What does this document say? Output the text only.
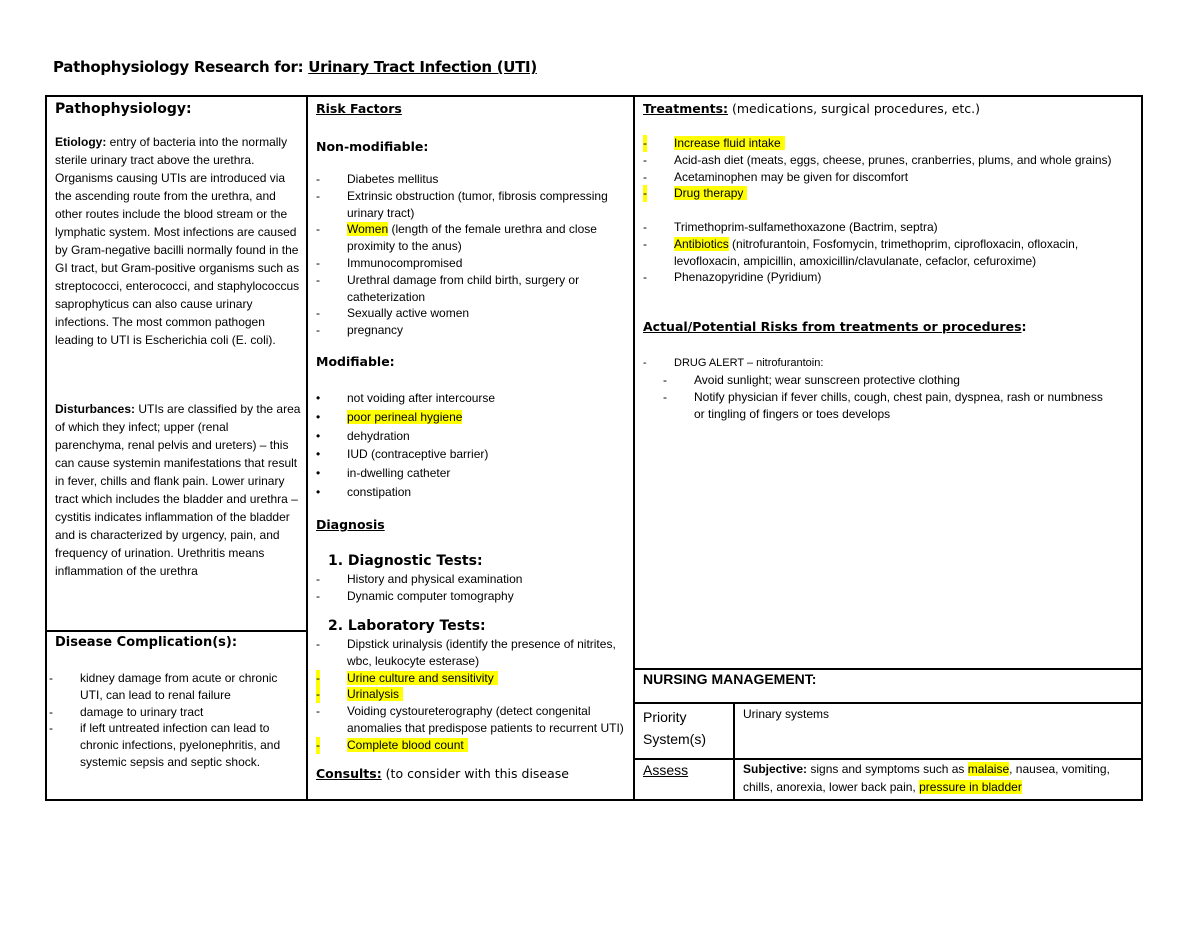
Pathophysiology Research for: Urinary Tract Infection (UTI)
Pathophysiology:
Etiology: entry of bacteria into the normally sterile urinary tract above the urethra. Organisms causing UTIs are introduced via the ascending route from the urethra, and other routes include the blood stream or the lymphatic system. Most infections are caused by Gram-negative bacilli normally found in the GI tract, but Gram-positive organisms such as streptococci, enterococci, and staphylococcus saprophyticus can also cause urinary infections. The most common pathogen leading to UTI is Escherichia coli (E. coli).
Disturbances: UTIs are classified by the area of which they infect; upper (renal parenchyma, renal pelvis and ureters) – this can cause systemin manifestations that result in fever, chills and flank pain. Lower urinary tract which includes the bladder and urethra – cystitis indicates inflammation of the bladder and is characterized by urgency, pain, and frequency of urination. Urethritis means inflammation of the urethra
Disease Complication(s):
- kidney damage from acute or chronic UTI, can lead to renal failure
- damage to urinary tract
- if left untreated infection can lead to chronic infections, pyelonephritis, and systemic sepsis and septic shock.
Risk Factors
Non-modifiable:
- Diabetes mellitus
- Extrinsic obstruction (tumor, fibrosis compressing urinary tract)
- Women (length of the female urethra and close proximity to the anus)
- Immunocompromised
- Urethral damage from child birth, surgery or catheterization
- Sexually active women
- pregnancy
Modifiable:
• not voiding after intercourse
• poor perineal hygiene
• dehydration
• IUD (contraceptive barrier)
• in-dwelling catheter
• constipation
Diagnosis
1. Diagnostic Tests:
- History and physical examination
- Dynamic computer tomography
2. Laboratory Tests:
- Dipstick urinalysis (identify the presence of nitrites, wbc, leukocyte esterase)
- Urine culture and sensitivity
- Urinalysis
- Voiding cystoureterography (detect congenital anomalies that predispose patients to recurrent UTI)
- Complete blood count
Consults: (to consider with this disease
Treatments: (medications, surgical procedures, etc.)
- Increase fluid intake
- Acid-ash diet (meats, eggs, cheese, prunes, cranberries, plums, and whole grains)
- Acetaminophen may be given for discomfort
- Drug therapy
- Trimethoprim-sulfamethoxazone (Bactrim, septra)
- Antibiotics (nitrofurantoin, Fosfomycin, trimethoprim, ciprofloxacin, ofloxacin, levofloxacin, ampicillin, amoxicillin/clavulanate, cefaclor, cefuroxime)
- Phenazopyridine (Pyridium)
Actual/Potential Risks from treatments or procedures:
- DRUG ALERT – nitrofurantoin:
- Avoid sunlight; wear sunscreen protective clothing
- Notify physician if fever chills, cough, chest pain, dyspnea, rash or numbness or tingling of fingers or toes develops
NURSING MANAGEMENT:
Priority System(s)
Urinary systems
Assess	Subjective: signs and symptoms such as malaise, nausea, vomiting, chills, anorexia, lower back pain, pressure in bladder
